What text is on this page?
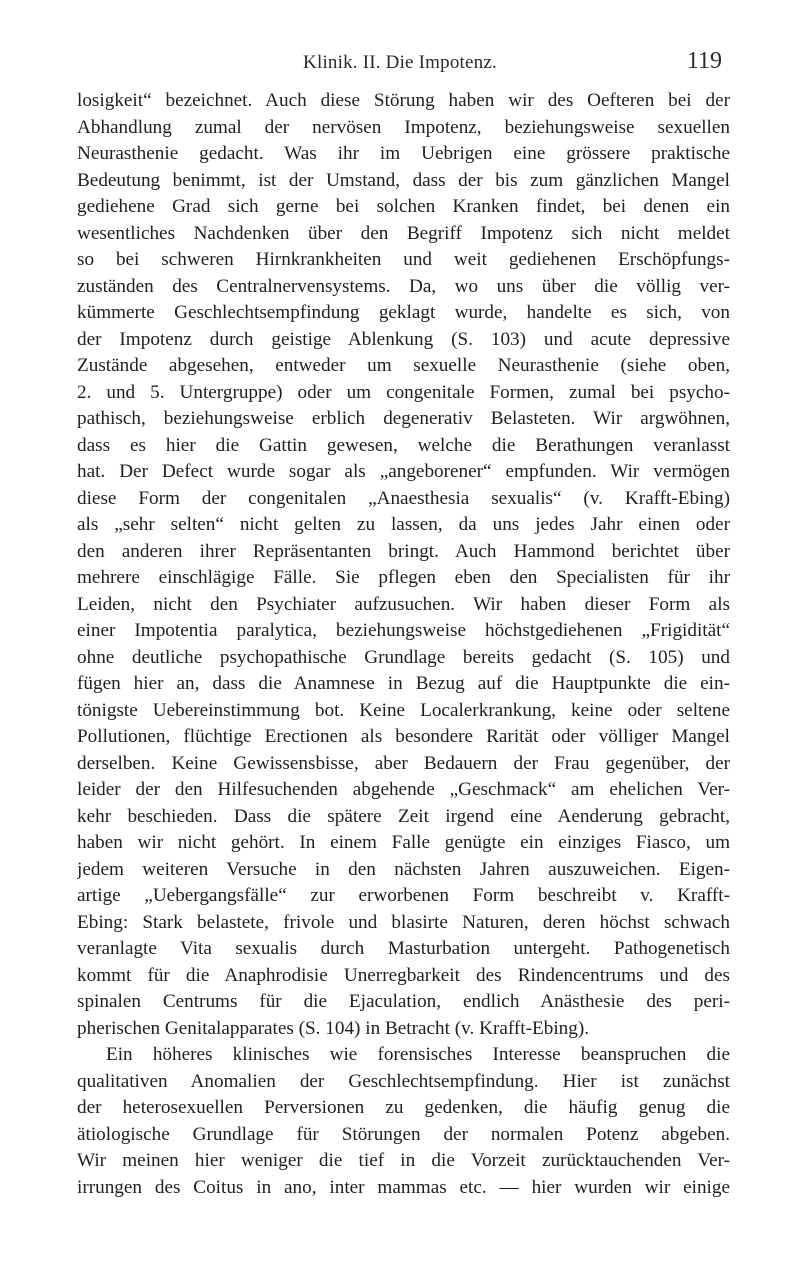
Klinik. II. Die Impotenz.	119
losigkeit“ bezeichnet. Auch diese Störung haben wir des Oefteren bei der
Abhandlung zumal der nervösen Impotenz, beziehungsweise sexuellen
Neurasthenie gedacht. Was ihr im Uebrigen eine grössere praktische
Bedeutung benimmt, ist der Umstand, dass der bis zum gänzlichen Mangel
gediehene Grad sich gerne bei solchen Kranken findet, bei denen ein
wesentliches Nachdenken über den Begriff Impotenz sich nicht meldet
so bei schweren Hirnkrankheiten und weit gediehenen Erschöpfungs-
zuständen des Centralnervensystems. Da, wo uns über die völlig ver-
kümmerte Geschlechtsempfindung geklagt wurde, handelte es sich, von
der Impotenz durch geistige Ablenkung (S. 103) und acute depressive
Zustände abgesehen, entweder um sexuelle Neurasthenie (siehe oben,
2. und 5. Untergruppe) oder um congenitale Formen, zumal bei psycho-
pathisch, beziehungsweise erblich degenerativ Belasteten. Wir argwöhnen,
dass es hier die Gattin gewesen, welche die Berathungen veranlasst
hat. Der Defect wurde sogar als „angeborener“ empfunden. Wir vermögen
diese Form der congenitalen „Anaesthesia sexualis“ (v. Krafft-Ebing)
als „sehr selten“ nicht gelten zu lassen, da uns jedes Jahr einen oder
den anderen ihrer Repräsentanten bringt. Auch Hammond berichtet über
mehrere einschlägige Fälle. Sie pflegen eben den Specialisten für ihr
Leiden, nicht den Psychiater aufzusuchen. Wir haben dieser Form als
einer Impotentia paralytica, beziehungsweise höchstgediehenen „Frigidität“
ohne deutliche psychopathische Grundlage bereits gedacht (S. 105) und
fügen hier an, dass die Anamnese in Bezug auf die Hauptpunkte die ein-
tönigste Uebereinstimmung bot. Keine Localerkrankung, keine oder seltene
Pollutionen, flüchtige Erectionen als besondere Rarität oder völliger Mangel
derselben. Keine Gewissensbisse, aber Bedauern der Frau gegenüber, der
leider der den Hilfesuchenden abgehende „Geschmack“ am ehelichen Ver-
kehr beschieden. Dass die spätere Zeit irgend eine Aenderung gebracht,
haben wir nicht gehört. In einem Falle genügte ein einziges Fiasco, um
jedem weiteren Versuche in den nächsten Jahren auszuweichen. Eigen-
artige „Uebergangsfälle“ zur erworbenen Form beschreibt v. Krafft-
Ebing: Stark belastete, frivole und blasirte Naturen, deren höchst schwach
veranlagte Vita sexualis durch Masturbation untergeht. Pathogenetisch
kommt für die Anaphrodisie Unerregbarkeit des Rindencentrums und des
spinalen Centrums für die Ejaculation, endlich Anästhesie des peri-
pherischen Genitalapparates (S. 104) in Betracht (v. Krafft-Ebing).
Ein höheres klinisches wie forensisches Interesse beanspruchen die
qualitativen Anomalien der Geschlechtsempfindung. Hier ist zunächst
der heterosexuellen Perversionen zu gedenken, die häufig genug die
ätiologische Grundlage für Störungen der normalen Potenz abgeben.
Wir meinen hier weniger die tief in die Vorzeit zurücktauchenden Ver-
irrungen des Coitus in ano, inter mammas etc. — hier wurden wir einige
